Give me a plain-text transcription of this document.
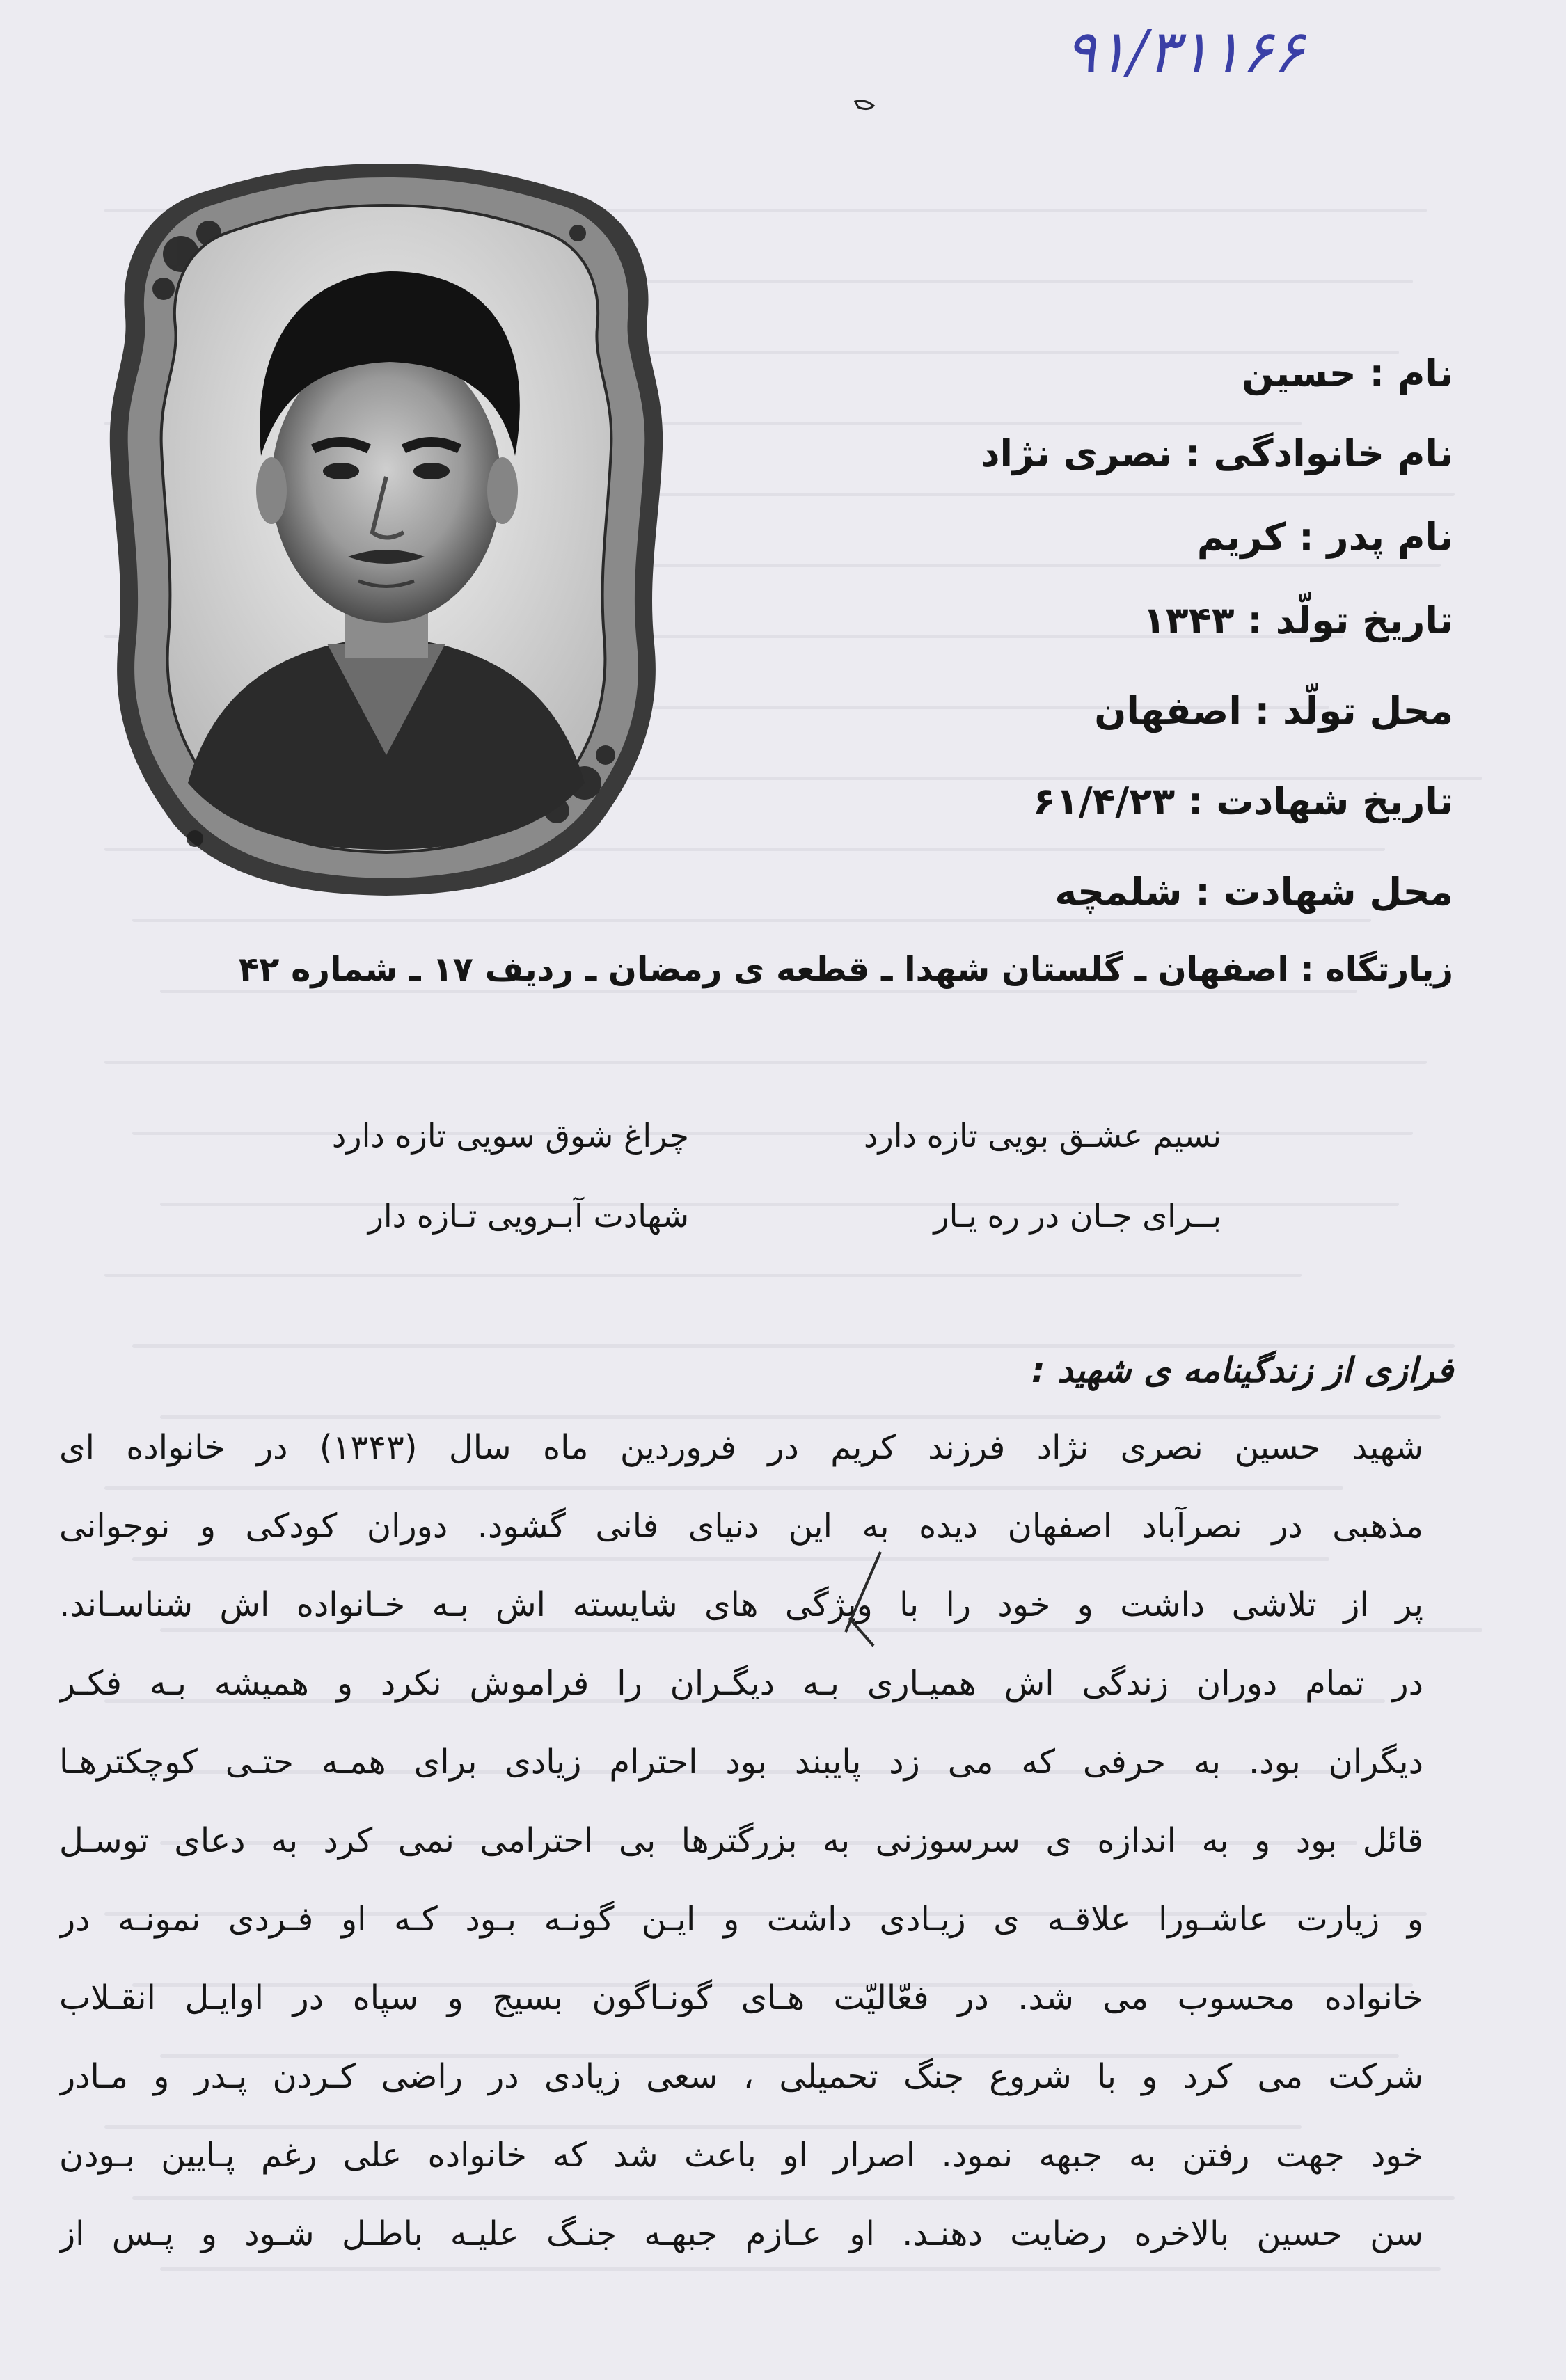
۹۱/۳۱۱۶۶
نام : حسین
نام خانوادگی : نصری نژاد
نام پدر : کریم
تاریخ تولّد : ۱۳۴۳
محل تولّد : اصفهان
تاریخ شهادت : ۶۱/۴/۲۳
محل شهادت : شلمچه
زیارتگاه : اصفهان ـ گلستان شهدا ـ قطعه ی رمضان ـ ردیف ۱۷ ـ شماره ۴۲
نسیم عشـق بویی تازه دارد
چراغ شوق سویی تازه دارد
بــرای جـان در ره یـار
شهادت آبـرویی تـازه دار
فرازی از زندگینامه ی شهید :
شهید حسین نصری نژاد فرزند کریم در فروردین ماه سال (۱۳۴۳) در خانواده ای
مذهبی در نصرآباد اصفهان دیده به این دنیای فانی گشود. دوران کودکی و نوجوانی
پر از تلاشی داشت و خود را با ویژگی های شایسته اش بـه خـانواده اش شناسـاند.
در تمام دوران زندگی اش همیـاری بـه دیگـران را فراموش نکرد و همیشه بـه فکـر
دیگران بود. به حرفی که می زد پایبند بود احترام زیادی برای همـه حتـی کوچکترهـا
قائل بود و به اندازه ی سرسوزنی به بزرگترها بی احترامی نمی کرد به دعای توسـل
و زیارت عاشـورا علاقـه ی زیـادی داشت و ایـن گونـه بـود کـه او فـردی نمونـه در
خانواده محسوب می شد. در فعّالیّت هـای گونـاگون بسیج و سپاه در اوایـل انقـلاب
شرکت می کرد و با شروع جنگ تحمیلی ، سعی زیادی در راضی کـردن پـدر و مـادر
خود جهت رفتن به جبهه نمود. اصرار او باعث شد که خانواده علی رغم پـایین بـودن
سن حسین بالاخره رضایت دهنـد. او عـازم جبهـه جنـگ علیـه باطـل شـود و پـس از
